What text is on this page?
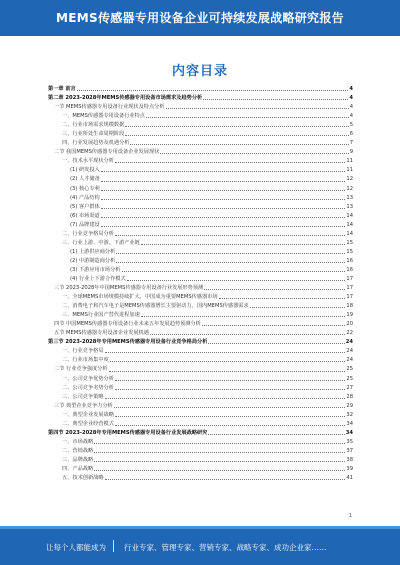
MEMS传感器专用设备企业可持续发展战略研究报告
内容目录
第一章 前言	4
第二章 2023-2028年MEMS传感器专用设备市场需求及趋势分析	4
一节 MEMS传感器专用设备行业现状及特点分析	4
一、MEMS传感器专用设备行业特点	4
二、行业市场需求规模数据	5
三、行业所处生命周期阶段	6
四、行业发展趋势及机遇分析	7
二节 我国MEMS传感器专用设备企业发展现状	9
一、技术水平现状分析	11
(1) 研发投入	11
(2) 人才储备	12
(3) 核心专利	12
(4) 产品结构	13
(5) 客户群体	13
(6) 市场渠道	14
(7) 品牌建设	14
二、行业竞争格局分析	14
三、行业上游、中游、下游产业链	15
(1) 上游供应商分析	15
(2) 中游制造商分析	16
(3) 下游应用市场分析	16
(4) 行业上下游合作模式	17
三节 2023-2028年中国MEMS传感器专用设备行业发展形势预测	17
一、全球MEMS市场规模持续扩大，中国成为重要MEMS传感器市场	17
二、消费电子和汽车电子是MEMS传感器增长主要驱动力，国内MEMS传感器需求	18
三、MEMS行业国产替代进程加速	19
四节 中国MEMS传感器专用设备行业未来五年发展趋势预测分析	20
五节 MEMS传感器专用设备企业发展机遇	22
第三节 2023-2028年专用MEMS传感器专用设备行业竞争格局分析	24
一、行业竞争格局	24
二、行业市场集中度	24
二节 行业竞争强度分析	25
一、公司竞争优势分析	25
二、公司竞争劣势分析	27
三、公司竞争策略	28
三节 典型企业竞争力分析	29
一、典型企业发展战略	32
二、典型企业经营模式	34
第四节 2023-2028年专用MEMS传感器专用设备行业发展战略研究	34
一、市场战略	35
二、营销战略	37
三、品牌战略	38
四、产品战略	39
五、技术创新战略	41
1
让每个人都能成为 行业专家、管理专家、营销专家、战略专家、成功企业家……
